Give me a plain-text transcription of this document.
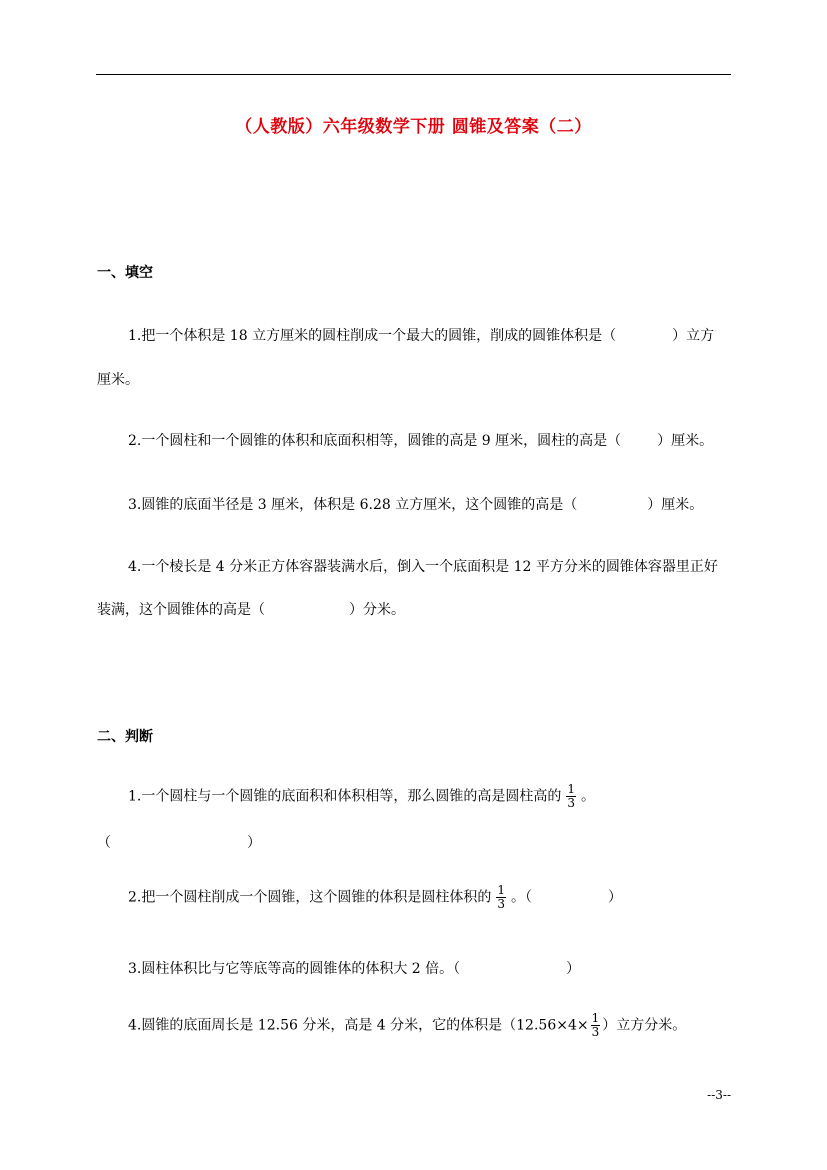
（人教版）六年级数学下册 圆锥及答案（二）
一、填空
1.把一个体积是 18 立方厘米的圆柱削成一个最大的圆锥，削成的圆锥体积是（	）立方
厘米。
2.一个圆柱和一个圆锥的体积和底面积相等，圆锥的高是 9 厘米，圆柱的高是（	）厘米。
3.圆锥的底面半径是 3 厘米，体积是 6.28 立方厘米，这个圆锥的高是（	）厘米。
4.一个棱长是 4 分米正方体容器装满水后，倒入一个底面积是 12 平方分米的圆锥体容器里正好
装满，这个圆锥体的高是（	）分米。
二、判断
1.一个圆柱与一个圆锥的底面积和体积相等，那么圆锥的高是圆柱高的 $\frac{1}{3}$ 。
（	）
2.把一个圆柱削成一个圆锥，这个圆锥的体积是圆柱体积的 $\frac{1}{3}$ 。（	）
3.圆柱体积比与它等底等高的圆锥体的体积大 2 倍。（	）
4.圆锥的底面周长是 12.56 分米，高是 4 分米，它的体积是（$12.56\times 4\times \frac{1}{3}$ ）立方分米。
--3--
